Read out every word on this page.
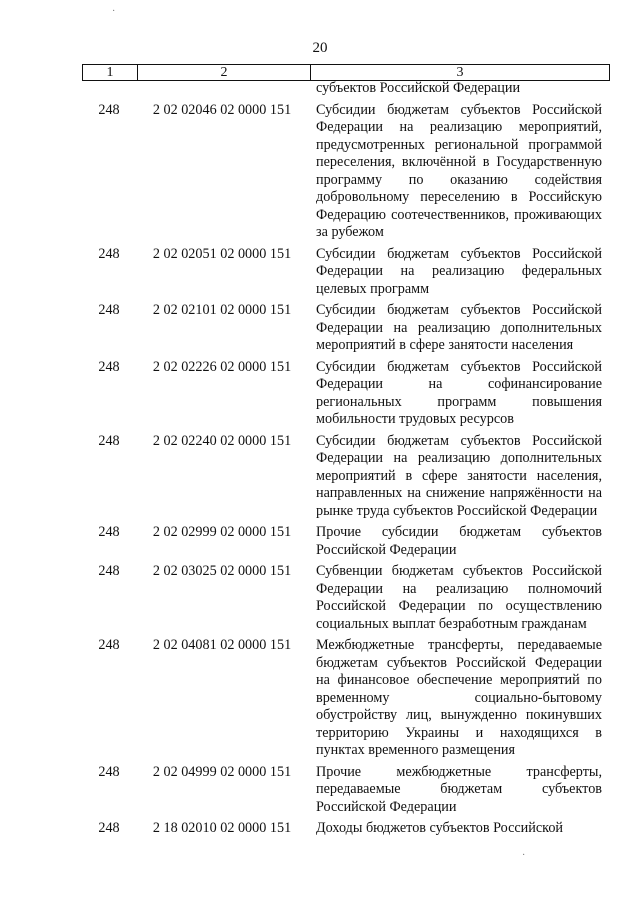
20
1	2	3
субъектов Российской Федерации
248	2 02 02046 02 0000 151	Субсидии бюджетам субъектов Российской Федерации на реализацию мероприятий, предусмотренных региональной программой переселения, включённой в Государственную программу по оказанию содействия добровольному переселению в Российскую Федерацию соотечественников, проживающих за рубежом
248	2 02 02051 02 0000 151	Субсидии бюджетам субъектов Российской Федерации на реализацию федеральных целевых программ
248	2 02 02101 02 0000 151	Субсидии бюджетам субъектов Российской Федерации на реализацию дополнительных мероприятий в сфере занятости населения
248	2 02 02226 02 0000 151	Субсидии бюджетам субъектов Российской Федерации на софинансирование региональных программ повышения мобильности трудовых ресурсов
248	2 02 02240 02 0000 151	Субсидии бюджетам субъектов Российской Федерации на реализацию дополнительных мероприятий в сфере занятости населения, направленных на снижение напряжённости на рынке труда субъектов Российской Федерации
248	2 02 02999 02 0000 151	Прочие субсидии бюджетам субъектов Российской Федерации
248	2 02 03025 02 0000 151	Субвенции бюджетам субъектов Российской Федерации на реализацию полномочий Российской Федерации по осуществлению социальных выплат безработным гражданам
248	2 02 04081 02 0000 151	Межбюджетные трансферты, передаваемые бюджетам субъектов Российской Федерации на финансовое обеспечение мероприятий по временному социально-бытовому обустройству лиц, вынужденно покинувших территорию Украины и находящихся в пунктах временного размещения
248	2 02 04999 02 0000 151	Прочие межбюджетные трансферты, передаваемые бюджетам субъектов Российской Федерации
248	2 18 02010 02 0000 151	Доходы бюджетов субъектов Российской
·
·
